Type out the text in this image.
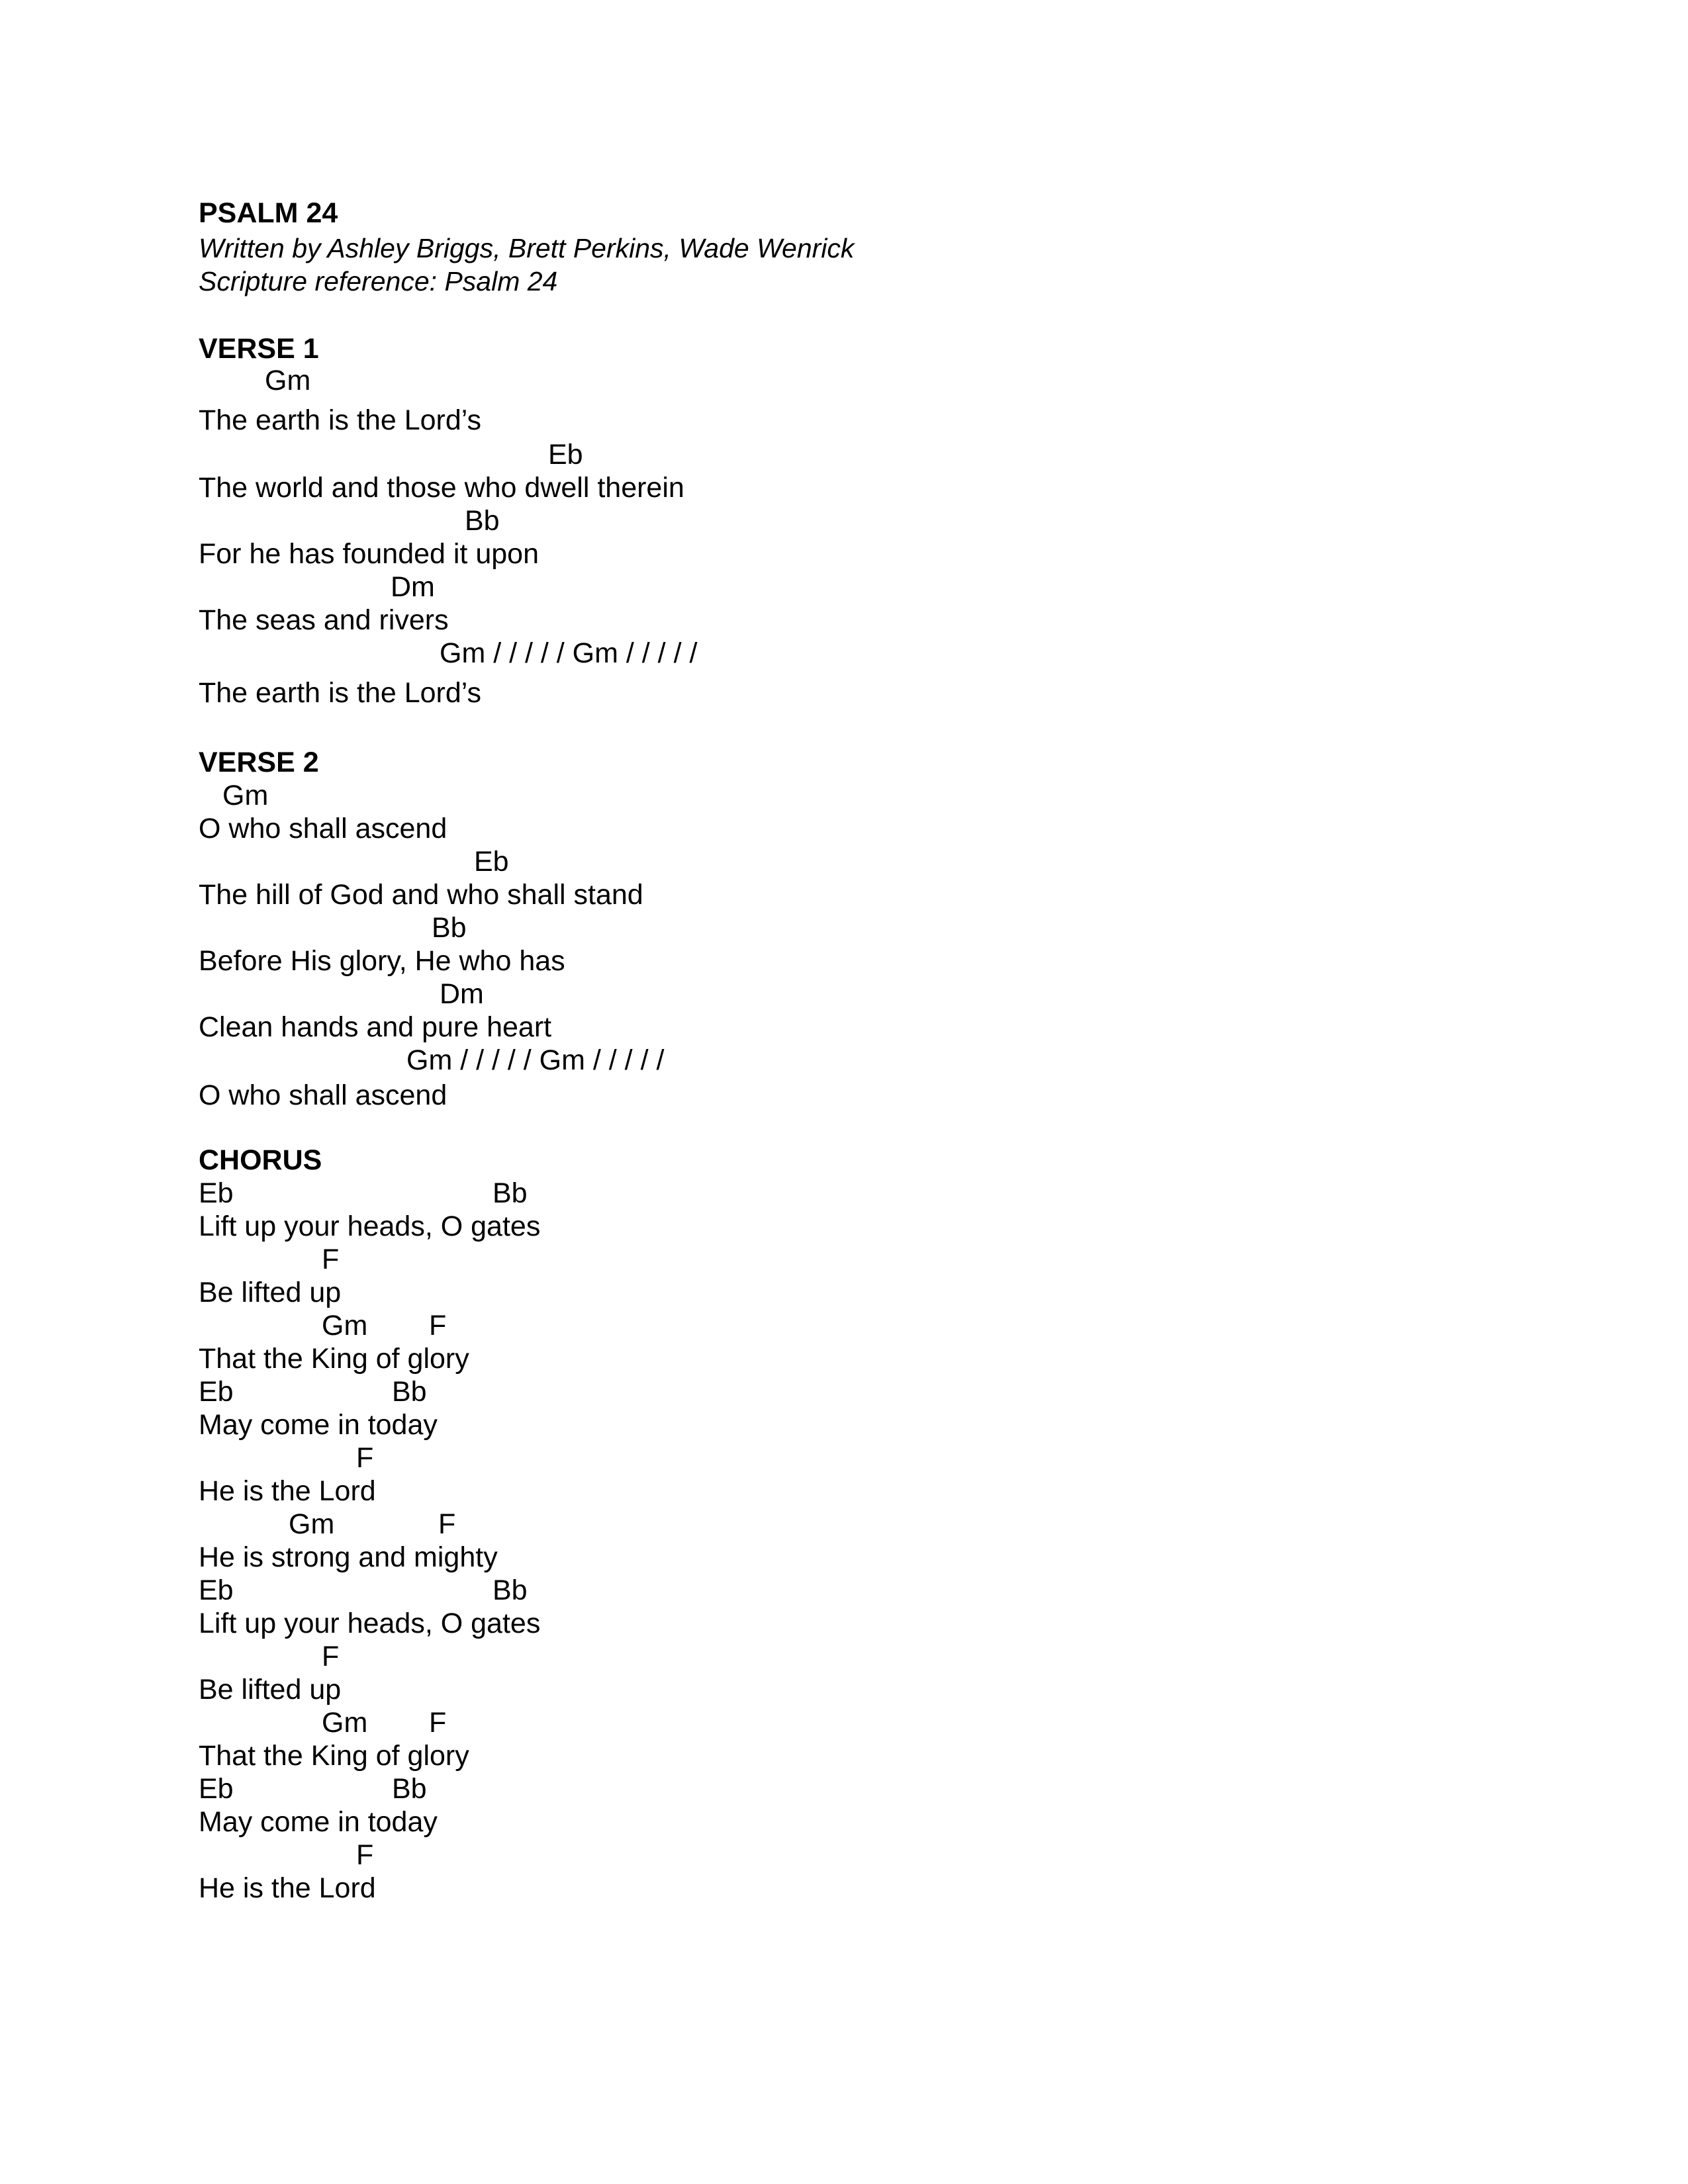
PSALM 24
Written by Ashley Briggs, Brett Perkins, Wade Wenrick
Scripture reference: Psalm 24
VERSE 1
Gm
The earth is the Lord’s
Eb
The world and those who dwell therein
Bb
For he has founded it upon
Dm
The seas and rivers
Gm / / / / / Gm / / / / /
The earth is the Lord’s
VERSE 2
Gm
O who shall ascend
Eb
The hill of God and who shall stand
Bb
Before His glory, He who has
Dm
Clean hands and pure heart
Gm / / / / / Gm / / / / /
O who shall ascend
CHORUS
Eb	Bb
Lift up your heads, O gates
F
Be lifted up
Gm F
That the King of glory
Eb	Bb
May come in today
F
He is the Lord
Gm	F
He is strong and mighty
Eb	Bb
Lift up your heads, O gates
F
Be lifted up
Gm F
That the King of glory
Eb	Bb
May come in today
F
He is the Lord
